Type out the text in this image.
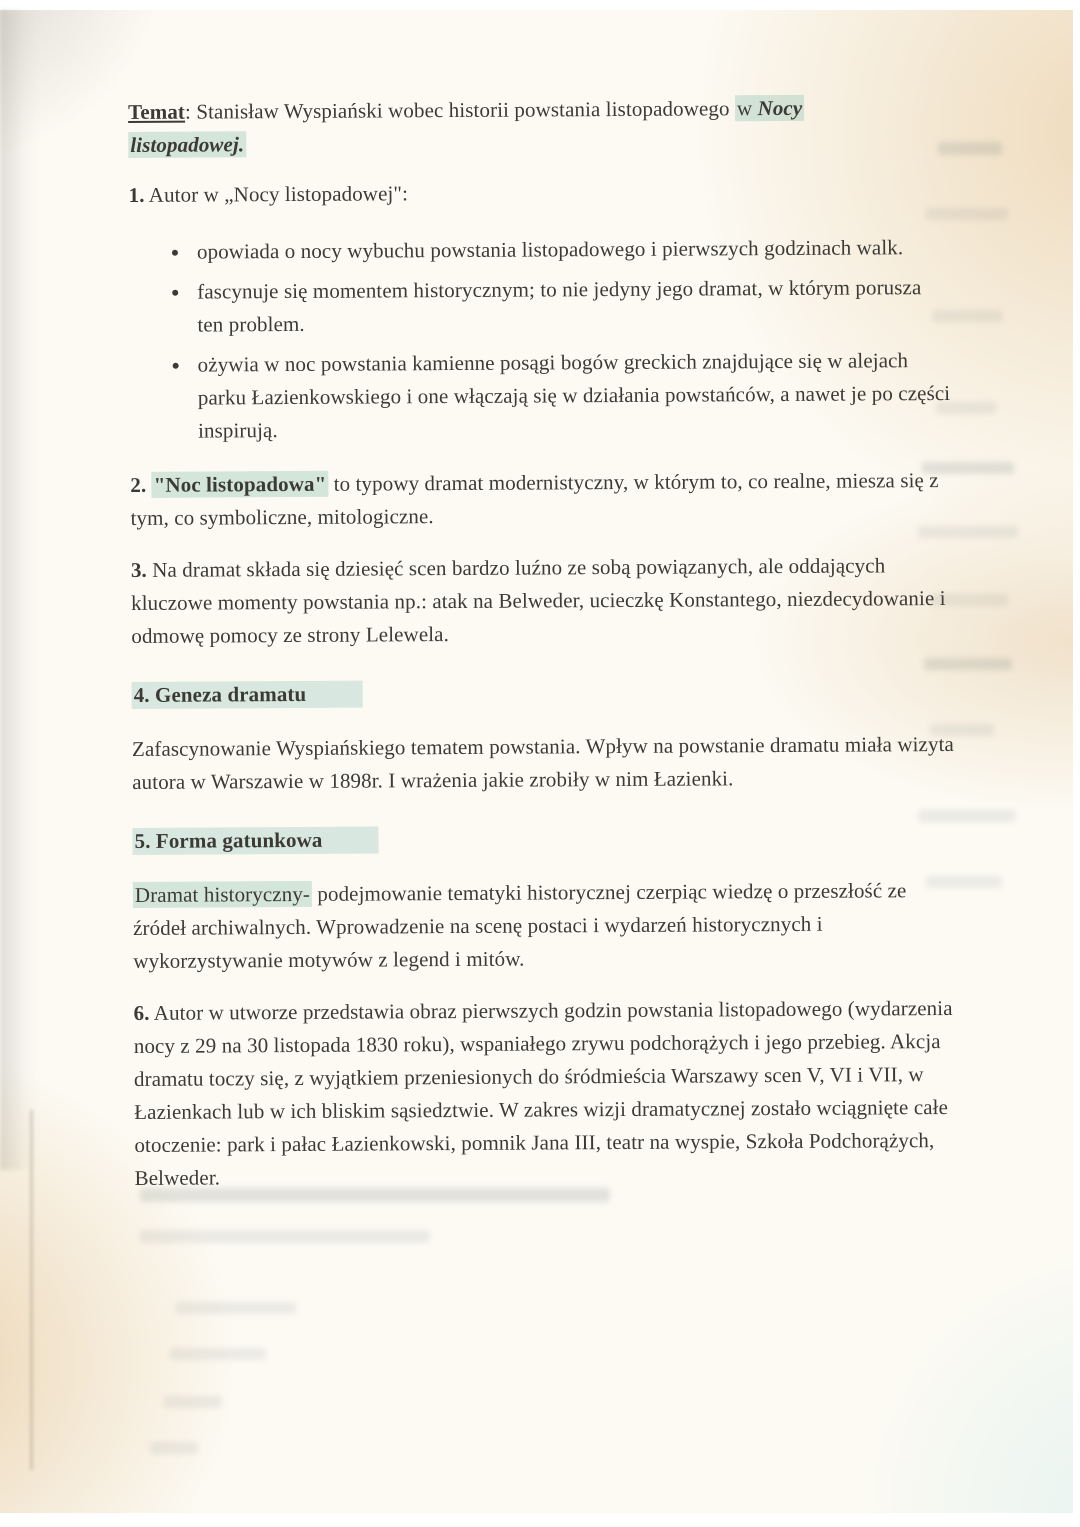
Temat: Stanisław Wyspiański wobec historii powstania listopadowego w Nocy
listopadowej.

1. Autor w „Nocy listopadowej":

• opowiada o nocy wybuchu powstania listopadowego i pierwszych godzinach walk.
• fascynuje się momentem historycznym; to nie jedyny jego dramat, w którym porusza ten problem.
• ożywia w noc powstania kamienne posągi bogów greckich znajdujące się w alejach parku Łazienkowskiego i one włączają się w działania powstańców, a nawet je po części inspirują.

2. "Noc listopadowa" to typowy dramat modernistyczny, w którym to, co realne, miesza się z tym, co symboliczne, mitologiczne.

3. Na dramat składa się dziesięć scen bardzo luźno ze sobą powiązanych, ale oddających kluczowe momenty powstania np.: atak na Belweder, ucieczkę Konstantego, niezdecydowanie i odmowę pomocy ze strony Lelewela.

4. Geneza dramatu

Zafascynowanie Wyspiańskiego tematem powstania. Wpływ na powstanie dramatu miała wizyta autora w Warszawie w 1898r. I wrażenia jakie zrobiły w nim Łazienki.

5. Forma gatunkowa

Dramat historyczny- podejmowanie tematyki historycznej czerpiąc wiedzę o przeszłość ze źródeł archiwalnych. Wprowadzenie na scenę postaci i wydarzeń historycznych i wykorzystywanie motywów z legend i mitów.

6. Autor w utworze przedstawia obraz pierwszych godzin powstania listopadowego (wydarzenia nocy z 29 na 30 listopada 1830 roku), wspaniałego zrywu podchorążych i jego przebieg. Akcja dramatu toczy się, z wyjątkiem przeniesionych do śródmieścia Warszawy scen V, VI i VII, w Łazienkach lub w ich bliskim sąsiedztwie. W zakres wizji dramatycznej zostało wciągnięte całe otoczenie: park i pałac Łazienkowski, pomnik Jana III, teatr na wyspie, Szkoła Podchorążych, Belweder.
